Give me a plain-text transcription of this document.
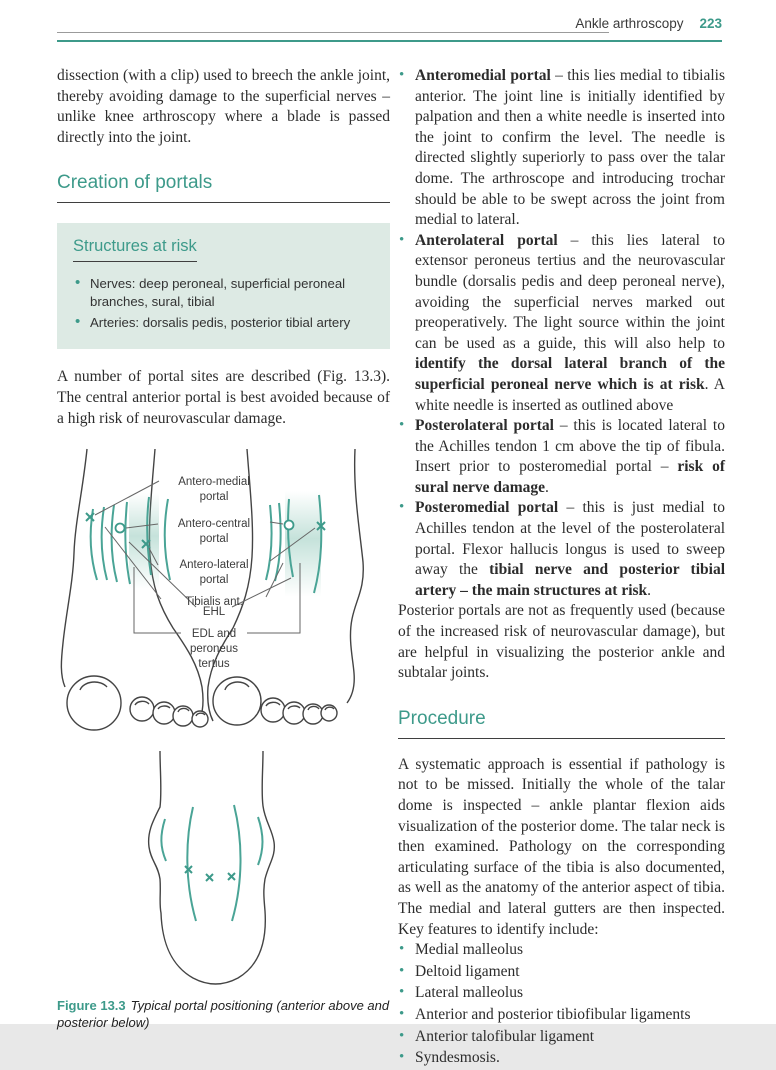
Ankle arthroscopy 223

dissection (with a clip) used to breech the ankle joint, thereby avoiding damage to the superficial nerves – unlike knee arthroscopy where a blade is passed directly into the joint.

Creation of portals
Structures at risk
• Nerves: deep peroneal, superficial peroneal branches, sural, tibial
• Arteries: dorsalis pedis, posterior tibial artery

A number of portal sites are described (Fig. 13.3). The central anterior portal is best avoided because of a high risk of neurovascular damage.

Antero-medial
portal
Antero-central
portal
Antero-lateral
portal
Tibialis ant.
EHL
EDL and
peroneus
tertius
Figure 13.3 Typical portal positioning (anterior above and posterior below)
• Anteromedial portal – this lies medial to tibialis anterior. The joint line is initially identified by palpation and then a white needle is inserted into the joint to confirm the level. The needle is directed slightly superiorly to pass over the talar dome. The arthroscope and introducing trochar should be able to be swept across the joint from medial to lateral.
• Anterolateral portal – this lies lateral to extensor peroneus tertius and the neurovascular bundle (dorsalis pedis and deep peroneal nerve), avoiding the superficial nerves marked out preoperatively. The light source within the joint can be used as a guide, this will also help to identify the dorsal lateral branch of the superficial peroneal nerve which is at risk. A white needle is inserted as outlined above
• Posterolateral portal – this is located lateral to the Achilles tendon 1 cm above the tip of fibula. Insert prior to posteromedial portal – risk of sural nerve damage.
• Posteromedial portal – this is just medial to Achilles tendon at the level of the posterolateral portal. Flexor hallucis longus is used to sweep away the tibial nerve and posterior tibial artery – the main structures at risk.

Posterior portals are not as frequently used (because of the increased risk of neurovascular damage), but are helpful in visualizing the posterior ankle and subtalar joints.

Procedure

A systematic approach is essential if pathology is not to be missed. Initially the whole of the talar dome is inspected – ankle plantar flexion aids visualization of the posterior dome. The talar neck is then examined. Pathology on the corresponding articulating surface of the tibia is also documented, as well as the anatomy of the anterior aspect of tibia. The medial and lateral gutters are then inspected. Key features to identify include:

• Medial malleolus
• Deltoid ligament
• Lateral malleolus
• Anterior and posterior tibiofibular ligaments
• Anterior talofibular ligament
• Syndesmosis.
